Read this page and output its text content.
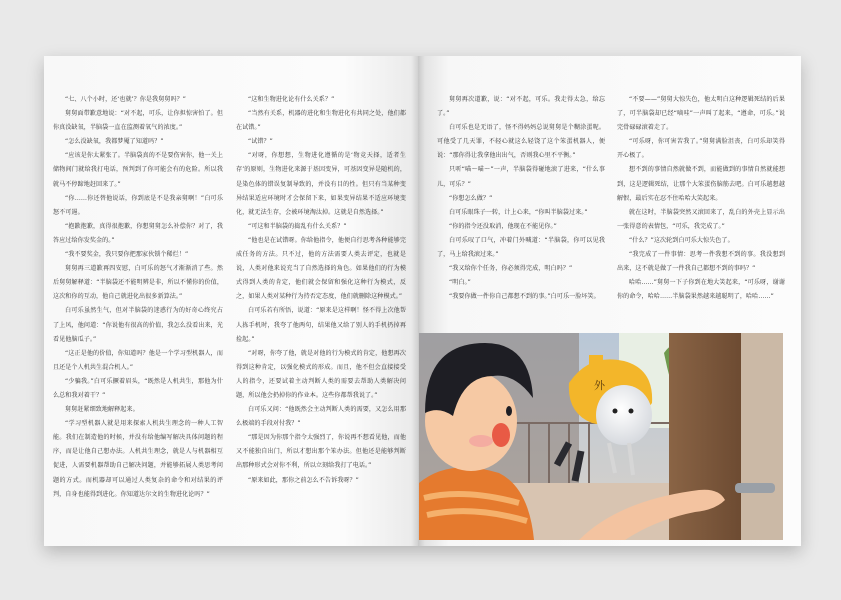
“七、八个小时，还‘也就’？你是我舅舅吗？”

舅舅面带歉意地说：“对不起，可乐，让你担惊害怕了。但你真没缺氧，半脑袋一直在监测着氧气的浓度。”

“怎么没缺氧，我都梦魇了知道吗？”

“应该是你太紧张了。半脑袋真的不是要伤害你，他一关上储物间门就给我打电话，预判到了你可能会有的危险。所以我就马不停蹄地赶回来了。”

“你……你还替他说话，你到底是不是我亲舅啊！”白可乐怒不可遏。

“抱歉抱歉，真得很抱歉，你想舅舅怎么补偿你？对了，我答应过给你发奖金的。”

“我不要奖金，我只要你把那家伙锁个稀烂！”

舅舅再三道歉再四安慰，白可乐的怒气才渐渐消了些。然后舅舅解释道：“半脑袋还不能明辨是非，所以不懂你的价值，这次和你的互动，他自己就进化出很多新算法。”

白可乐虽然生气，但对半脑袋的迷惑行为的好奇心终究占了上风，他问道：“你说他有很高的价值，我怎么没看出来，光看见他脑瓜子。”

“这正是他的价值，你知道吗？他是一个学习型机器人，而且还是个人机共生混合机人。”

“少骗我。”白可乐撅着眉头，“既然是人机共生，那他为什么总和我对着干？”

舅舅赶紧细致地解释起来。

“学习型机器人就是用来探索人机共生理念的一种人工智能。我们在制造他的时候，并没有给他编写解决具体问题的程序，而是让他自己想办法。人机共生理念，就是人与机器相互促进，人需要机器帮助自己解决问题，并能够拓展人类思考问题的方式。而机器却可以通过人类复杂的命令和对结果的评判，自身也能得到进化。你知道达尔文的生物进化论吗？”

“这和生物进化论有什么关系？”

“当然有关系，机器的进化和生物进化有共同之处，他们都在试错。”

“试错？”

“对呀，你想想，生物进化遵循的是‘物竞天择，适者生存’的原则，生物进化来源于基因变异，可基因变异是随机的，是染色体的错误复制导致的，并没有目的性。但只有当某种变异结果适应环境时才会保留下来，如果变异结果不适应环境变化，就无法生存，会被环境淘汰掉。这就是自然选择。”

“可这和半脑袋的捣乱有什么关系？”

“他也是在试错呀。你给他指令，他便自行思考各种能够完成任务的方法。只不过，他的方法需要人类去评定，也就是说，人类对他来说充当了自然选择的角色。如果他们的行为模式得到人类的肯定，他们就会保留和强化这种行为模式，反之，如果人类对某种行为持否定态度，他们就删除这种模式。”

白可乐若有所悟，说道：“原来是这样啊！怪不得上次他帮人拣手机时，我夸了他两句，结果他又给了别人的手机扔掉再捡起。”

“对呀，你夸了他，就是对他的行为模式的肯定，他想再次得到这种肯定，以强化模式的形成。而且，他不但会直接接受人的指令，还要试着主动判断人类的需要去帮助人类解决问题，所以他会扔掉你的作业本。这些你都帮我说了。”

白可乐又问：“他既然会主动判断人类的需要，又怎么用那么极端的手段对付我？”

“那是因为你那个指令太强烈了，你说再不想看见他，而他又不能独自出门，所以才想出那个笨办法。但他还是能够判断出那种形式会对你不利，所以立刻给我打了电话。”

“原来如此，那你之前怎么不告诉我呀？”

舅舅再次道歉，说：“对不起，可乐。我走得太急，给忘了。”

白可乐也是无语了，怪不得妈妈总说舅舅是个糊涂蛋呢。可他受了几天罪，不轻心就这么轻饶了这个笨蛋机器人，便说：“那你得让我拿他出出气，否则我心里不平衡。”

只听“喵～喵～”一声，半脑袋得碰地滚了进来，“什么事儿，可乐？”

“你想怎么做？”

白可乐眼珠子一转，计上心来，“你叫半脑袋过来。”

“你的指令还没取消，他现在不能见你。”

白可乐叹了口气，冲着门外喊道：“半脑袋，你可以见我了，马上给我滚过来。”

“我又给你个任务，你必须得完成，明白吗？”

“明白。”

“我要你做一件你自己都想不到的事。”白可乐一脸坏笑。

“不要——”舅舅大惊失色，他太明白这种逻辑死结的后果了，可半脑袋却已经“嘀哇”一声叫了起来，“遵命，可乐。”说完骨碌碌滚着走了。

“可乐呀，你可害苦我了。”舅舅满脸沮丧，白可乐却笑得开心极了。

想不到的事情自然就做不到，而能做到的事情自然就能想到，这是逻辑死结，让那个大笨蛋伤脑筋去吧。白可乐越想越解恨，最后实在忍不住哈哈大笑起来。

就在这时，半脑袋突然又滚回来了，乱白的外壳上显示出一张得意的表情包，“可乐，我完成了。”

“什么？”这次轮到白可乐大惊失色了。

“我完成了一件事情：思考一件我想不到的事。我没想到出来，这不就是做了一件我自己都想不到的事吗？”

哈哈……”舅舅一下子你到在地大笑起来，“可乐呀，谢谢你的命令，哈哈……半脑袋果然越来越聪明了，哈哈……”

外
